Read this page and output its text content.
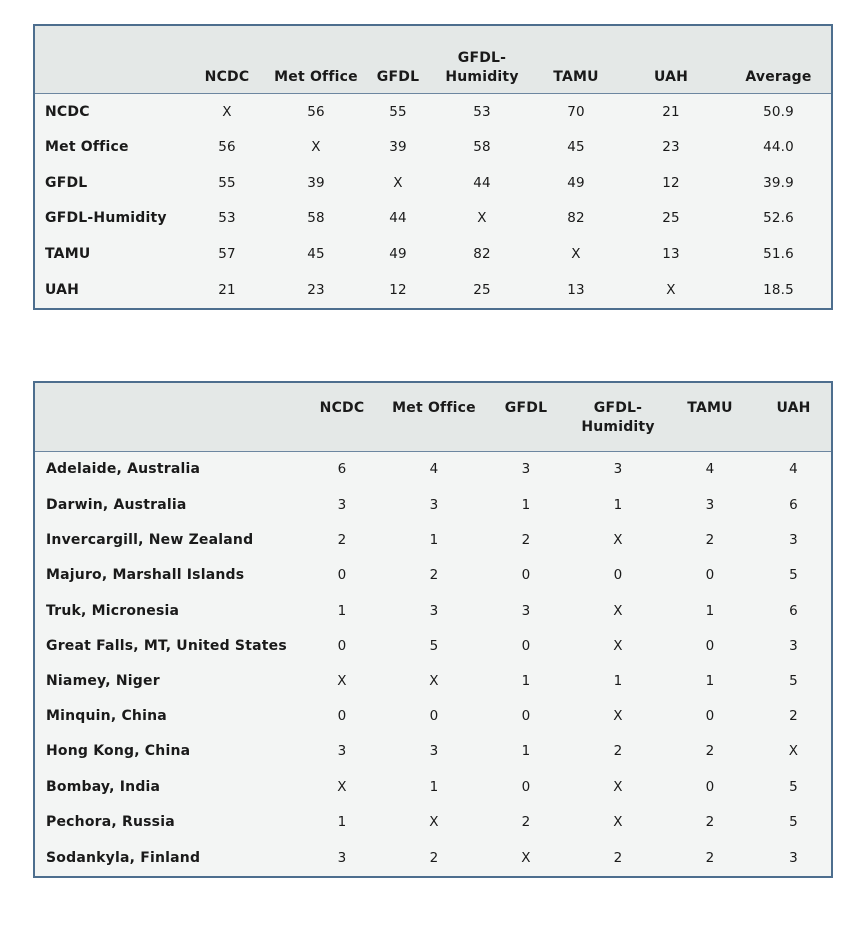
	NCDC	Met Office	GFDL	GFDL-
Humidity	TAMU	UAH	Average
NCDC	X	56	55	53	70	21	50.9
Met Office	56	X	39	58	45	23	44.0
GFDL	55	39	X	44	49	12	39.9
GFDL-Humidity	53	58	44	X	82	25	52.6
TAMU	57	45	49	82	X	13	51.6
UAH	21	23	12	25	13	X	18.5
	NCDC	Met Office	GFDL	GFDL-
Humidity	TAMU	UAH
Adelaide, Australia	6	4	3	3	4	4
Darwin, Australia	3	3	1	1	3	6
Invercargill, New Zealand	2	1	2	X	2	3
Majuro, Marshall Islands	0	2	0	0	0	5
Truk, Micronesia	1	3	3	X	1	6
Great Falls, MT, United States	0	5	0	X	0	3
Niamey, Niger	X	X	1	1	1	5
Minquin, China	0	0	0	X	0	2
Hong Kong, China	3	3	1	2	2	X
Bombay, India	X	1	0	X	0	5
Pechora, Russia	1	X	2	X	2	5
Sodankyla, Finland	3	2	X	2	2	3
